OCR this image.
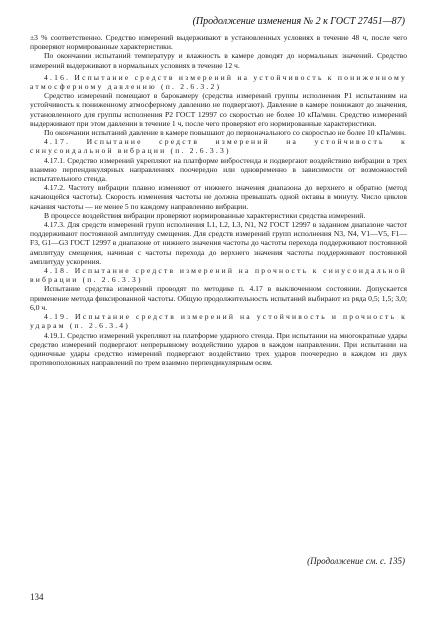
(Продолжение изменения № 2 к ГОСТ 27451—87)

±3 % соответственно. Средство измерений выдерживают в установленных условиях в течение 48 ч, после чего проверяют нормированные характеристики.

По окончании испытаний температуру и влажность в камере доводят до нормальных значений. Средство измерений выдерживают в нормальных условиях в течение 12 ч.

4.16. Испытание средств измерений на устойчивость к пониженному атмосферному давлению (п. 2.6.3.2)

Средство измерений помещают в барокамеру (средства измерений группы исполнения Р1 испытаниям на устойчивость к пониженному атмосферному давлению не подвергают). Давление в камере понижают до значения, установленного для группы исполнения Р2 ГОСТ 12997 со скоростью не более 10 кПа/мин. Средство измерений выдерживают при этом давлении в течение 1 ч, после чего проверяют его нормированные характеристики.

По окончании испытаний давление в камере повышают до первоначального со скоростью не более 10 кПа/мин.

4.17. Испытание средств измерений на устойчивость к синусоидальной вибрации (п. 2.6.3.3)

4.17.1. Средство измерений укрепляют на платформе вибростенда и подвергают воздействию вибрации в трех взаимно перпендикулярных направлениях поочередно или одновременно в зависимости от возможностей испытательного стенда.

4.17.2. Частоту вибрации плавно изменяют от нижнего значения диапазона до верхнего и обратно (метод качающейся частоты). Скорость изменения частоты не должна превышать одной октавы в минуту. Число циклов качания частоты — не менее 5 по каждому направлению вибрации.

В процессе воздействия вибрации проверяют нормированные характеристики средства измерений.

4.17.3. Для средств измерений групп исполнения L1, L2, L3, N1, N2 ГОСТ 12997 в заданном диапазоне частот поддерживают постоянной амплитуду смещения. Для средств измерений групп исполнения N3, N4, V1—V5, F1—F3, G1—G3 ГОСТ 12997 в диапазоне от нижнего значения частоты до частоты перехода поддерживают постоянной амплитуду смещения, начиная с частоты перехода до верхнего значения частоты поддерживают постоянной амплитуду ускорения.

4.18. Испытание средств измерений на прочность к синусоидальной вибрации (п. 2.6.3.3)

Испытание средства измерений проводят по методике п. 4.17 в выключенном состоянии. Допускается применение метода фиксированной частоты. Общую продолжительность испытаний выбирают из ряда 0,5; 1,5; 3,0; 6,0 ч.

4.19. Испытание средств измерений на устойчивость и прочность к ударам (п. 2.6.3.4)

4.19.1. Средство измерений укрепляют на платформе ударного стенда. При испытании на многократные удары средство измерений подвергают непрерывному воздействию ударов в каждом направлении. При испытании на одиночные удары средство измерений подвергают воздействию трех ударов поочередно в каждом из двух противоположных направлений по трем взаимно перпендикулярным осям.

(Продолжение см. с. 135)
134
